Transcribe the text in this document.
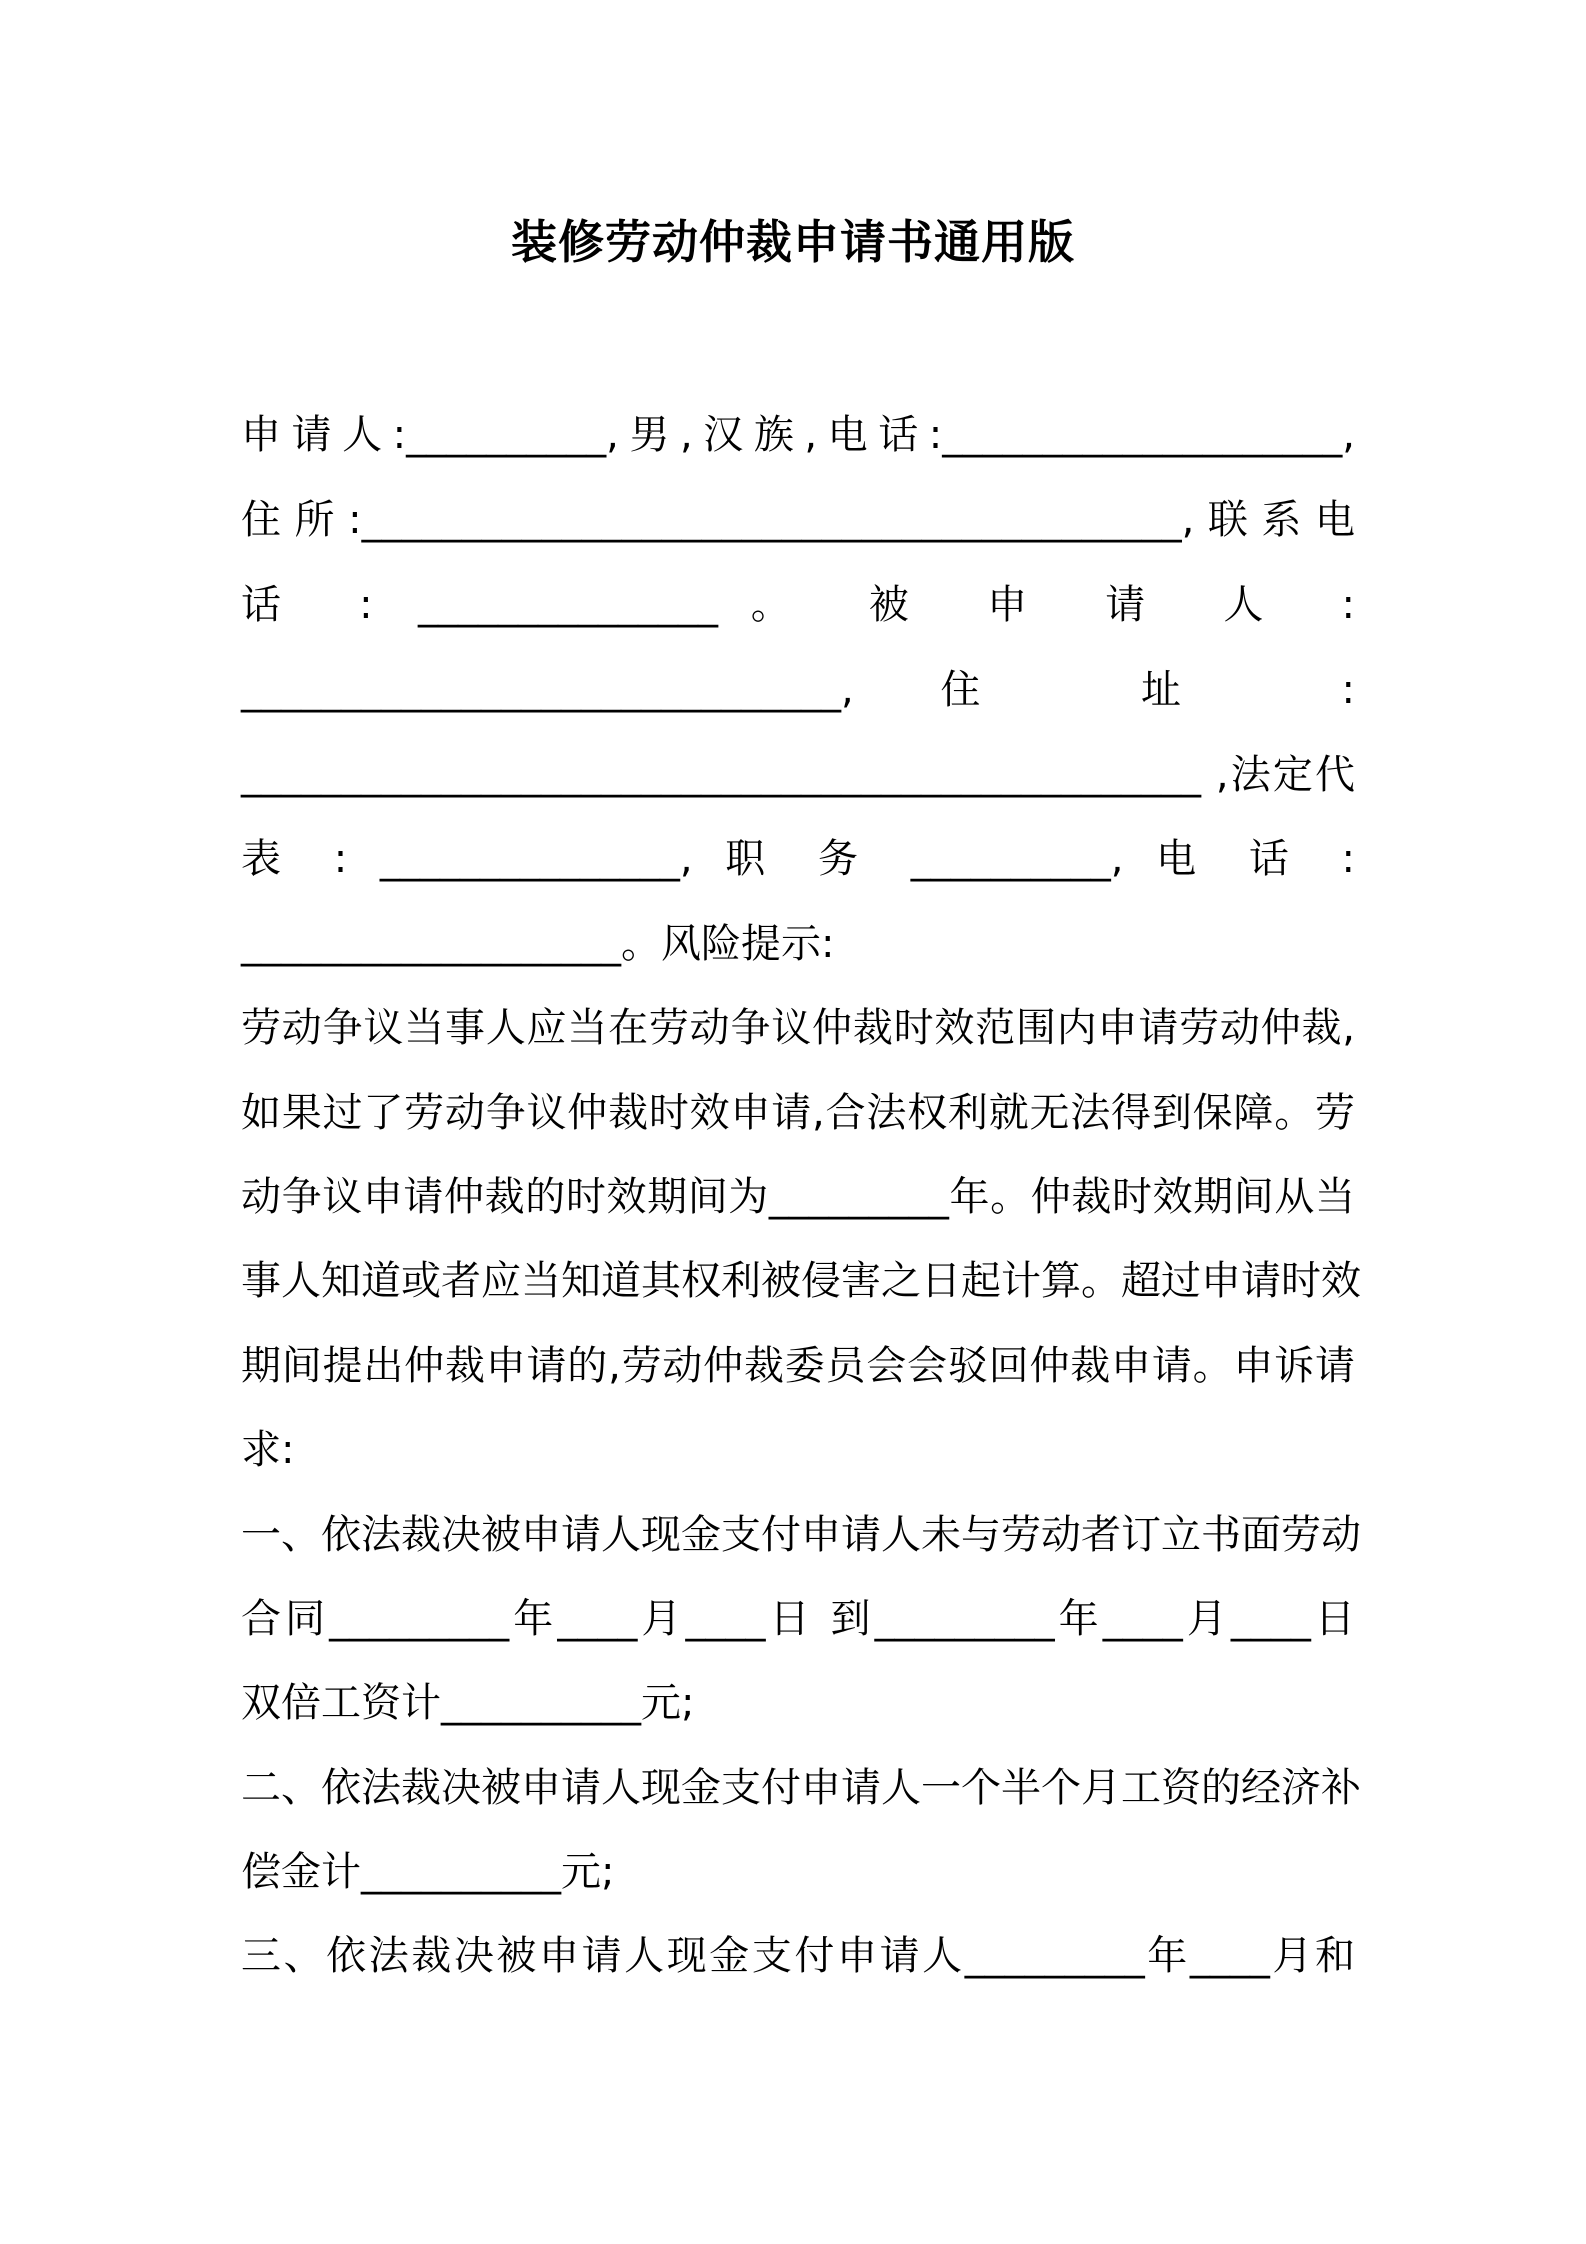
装修劳动仲裁申请书通用版
申请人:__________,男,汉族,电话:____________________,
住所:_________________________________________,联系电
话 : _______________。 被 申 请 人 :
______________________________, 住 址 :
________________________________________________ ,法定代
表 : _______________, 职 务 __________, 电 话 :
___________________。风险提示:
劳动争议当事人应当在劳动争议仲裁时效范围内申请劳动仲裁,
如果过了劳动争议仲裁时效申请,合法权利就无法得到保障。劳
动争议申请仲裁的时效期间为_________年。仲裁时效期间从当
事人知道或者应当知道其权利被侵害之日起计算。超过申请时效
期间提出仲裁申请的,劳动仲裁委员会会驳回仲裁申请。申诉请
求:
一、依法裁决被申请人现金支付申请人未与劳动者订立书面劳动
合同_________年____月____日 到_________年____月____日
双倍工资计__________元;
二、依法裁决被申请人现金支付申请人一个半个月工资的经济补
偿金计__________元;
三、依法裁决被申请人现金支付申请人_________年____月和
